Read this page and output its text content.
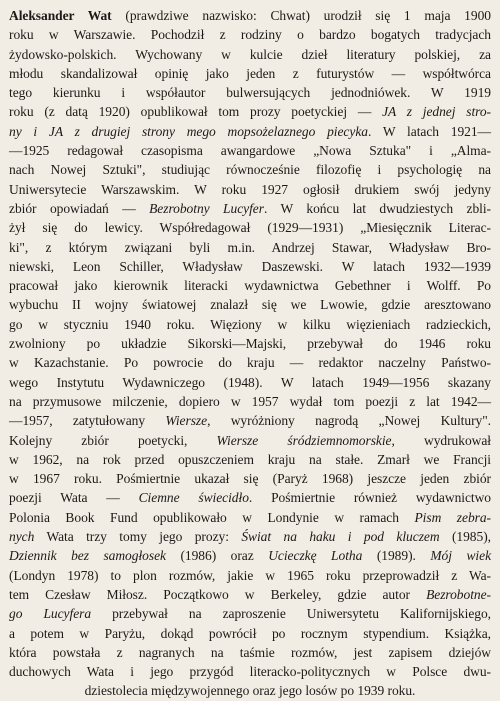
Aleksander Wat (prawdziwe nazwisko: Chwat) urodził się 1 maja 1900
roku w Warszawie. Pochodził z rodziny o bardzo bogatych tradycjach
żydowsko-polskich. Wychowany w kulcie dzieł literatury polskiej, za
młodu skandalizował opinię jako jeden z futurystów — współtwórca
tego kierunku i współautor bulwersujących jednodniówek. W 1919
roku (z datą 1920) opublikował tom prozy poetyckiej — JA z jednej stro-
ny i JA z drugiej strony mego mopsożelaznego piecyka. W latach 1921—
—1925 redagował czasopisma awangardowe „Nowa Sztuka" i „Alma-
nach Nowej Sztuki", studiując równocześnie filozofię i psychologię na
Uniwersytecie Warszawskim. W roku 1927 ogłosił drukiem swój jedyny
zbiór opowiadań — Bezrobotny Lucyfer. W końcu lat dwudziestych zbli-
żył się do lewicy. Współredagował (1929—1931) „Miesięcznik Literac-
ki", z którym związani byli m.in. Andrzej Stawar, Władysław Bro-
niewski, Leon Schiller, Władysław Daszewski. W latach 1932—1939
pracował jako kierownik literacki wydawnictwa Gebethner i Wolff. Po
wybuchu II wojny światowej znalazł się we Lwowie, gdzie aresztowano
go w styczniu 1940 roku. Więziony w kilku więzieniach radzieckich,
zwolniony po układzie Sikorski—Majski, przebywał do 1946 roku
w Kazachstanie. Po powrocie do kraju — redaktor naczelny Państwo-
wego Instytutu Wydawniczego (1948). W latach 1949—1956 skazany
na przymusowe milczenie, dopiero w 1957 wydał tom poezji z lat 1942—
—1957, zatytułowany Wiersze, wyróżniony nagrodą „Nowej Kultury".
Kolejny zbiór poetycki, Wiersze śródziemnomorskie, wydrukował
w 1962, na rok przed opuszczeniem kraju na stałe. Zmarł we Francji
w 1967 roku. Pośmiertnie ukazał się (Paryż 1968) jeszcze jeden zbiór
poezji Wata — Ciemne świecidło. Pośmiertnie również wydawnictwo
Polonia Book Fund opublikowało w Londynie w ramach Pism zebra-
nych Wata trzy tomy jego prozy: Świat na haku i pod kluczem (1985),
Dziennik bez samogłosek (1986) oraz Ucieczkę Lotha (1989). Mój wiek
(Londyn 1978) to plon rozmów, jakie w 1965 roku przeprowadził z Wa-
tem Czesław Miłosz. Początkowo w Berkeley, gdzie autor Bezrobotne-
go Lucyfera przebywał na zaproszenie Uniwersytetu Kalifornijskiego,
a potem w Paryżu, dokąd powrócił po rocznym stypendium. Książka,
która powstała z nagranych na taśmie rozmów, jest zapisem dziejów
duchowych Wata i jego przygód literacko-politycznych w Polsce dwu-
dziestolecia międzywojennego oraz jego losów po 1939 roku.
